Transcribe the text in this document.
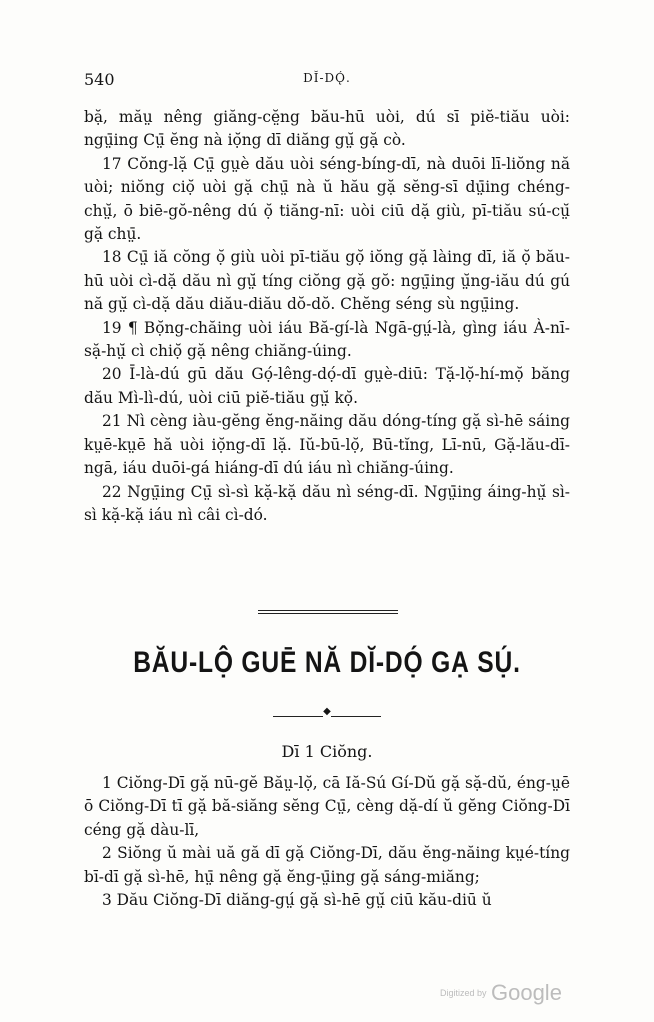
540	DĬ-DǪ́.

bặ, măṳ nêng giăng-cĕ̤ng bău-hū uòi, dú sī piĕ-tiău uòi: ngṳ̄ing Cṳ̄ ĕng nà iọ̆ng dī diăng gṳ̆ gặ cò.

17 Cŏng-lặ Cṳ̄ gṳè dău uòi séng-bíng-dī, nà duōi lī-liŏng nă uòi; niŏng ciọ̆ uòi gặ chṳ̄ nà ŭ hău gặ sĕng-sī dṳ̄ing chéng-chṳ̆, ō biē-gŏ-nêng dú ọ̆ tiăng-nī: uòi ciū dặ giù, pī-tiău sú-cṳ̆ gặ chṳ̄.

18 Cṳ̄ iă cŏng ọ̆ giù uòi pī-tiău gọ̆ iŏng gặ làing dī, iă ọ̆ bău-hū uòi cì-dặ dău nì gṳ̆ tíng ciŏng gặ gŏ: ngṳ̄ing ṳ̆ng-iău dú gú nă gṳ̆ cì-dặ dău diău-diău dŏ-dŏ. Chĕng séng sù ngṳ̄ing.

19 ¶ Bọ̆ng-chăing uòi iáu Bă-gí-là Ngā-gṳ́-là, gìng iáu À-nī-sặ-hṳ̆ cì chiọ̆ gặ nêng chiăng-úing.

20 Ī-là-dú gū dău Gọ́-lêng-dọ́-dī gṳè-diū: Tặ-lọ̆-hí-mọ̆ băng dău Mì-lì-dú, uòi ciū piĕ-tiău gṳ̆ kọ̆.

21 Nì cèng iàu-gĕng ĕng-năing dău dóng-tíng gặ sì-hē sáing kṳē-kṳē hă uòi iọ̆ng-dī lặ. Iŭ-bū-lọ̆, Bū-tĭng, Lī-nū, Gặ-lău-dī-ngā, iáu duōi-gá hiáng-dī dú iáu nì chiăng-úing.

22 Ngṳ̄ing Cṳ̄ sì-sì kặ-kặ dău nì séng-dī. Ngṳ̄ing áing-hṳ̆ sì-sì kặ-kặ iáu nì câi cì-dó.

BĂU-LỘ GUĒ NĂ DĬ-DỌ́ GẠ SỤ́.
◆
Dī 1 Ciŏng.

1 Ciŏng-Dī gặ nū-gĕ Băṳ-lọ̆, cā Iă-Sú Gí-Dŭ gặ sặ-dŭ, éng-ṳē ō Ciŏng-Dī tī gặ bă-siăng sĕng Cṳ̄, cèng dặ-dí ŭ gĕng Ciŏng-Dī céng gặ dàu-lī,

2 Siŏng ŭ mài uă gă dī gặ Ciŏng-Dī, dău ĕng-năing kṳé-tíng bī-dī gặ sì-hē, hṳ̄ nêng gặ ĕng-ṳ̄ing gặ sáng-miăng;

3 Dău Ciŏng-Dī diăng-gṳ́ gặ sì-hē gṳ̆ ciū kău-diū ŭ

Digitized by Google
